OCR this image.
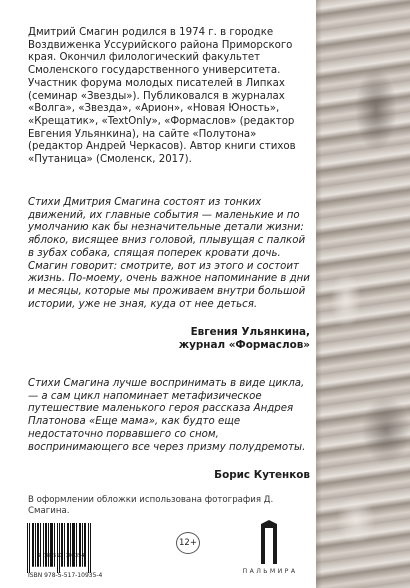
Дмитрий Смагин родился в 1974 г. в городке Воздвиженка Уссурийского района Приморского края. Окончил филологический факультет Смоленского государственного университета. Участник форума молодых писателей в Липках (семинар «Звезды»). Публиковался в журналах «Волга», «Звезда», «Арион», «Новая Юность», «Крещатик», «TextOnly», «Формаслов» (редактор Евгения Ульянкина), на сайте «Полутона» (редактор Андрей Черкасов). Автор книги стихов «Путаница» (Смоленск, 2017).

Стихи Дмитрия Смагина состоят из тонких движений, их главные события — маленькие и по умолчанию как бы незначительные детали жизни: яблоко, висящее вниз головой, плывущая с палкой в зубах собака, спящая поперек кровати дочь. Смагин говорит: смотрите, вот из этого и состоит жизнь. По-моему, очень важное напоминание в дни и месяцы, которые мы проживаем внутри большой истории, уже не зная, куда от нее деться.

Евгения Ульянкина,
журнал «Формаслов»

Стихи Смагина лучше воспринимать в виде цикла, — а сам цикл напоминает метафизическое путешествие маленького героя рассказа Андрея Платонова «Еще мама», как будто еще недостаточно порвавшего со сном, воспринимающего все через призму полудремоты.

Борис Кутенков

В оформлении обложки использована фотография Д. Смагина.

9 785517 109354
ISBN 978-5-517-10935-4
12+
ПАЛЬМИРА
